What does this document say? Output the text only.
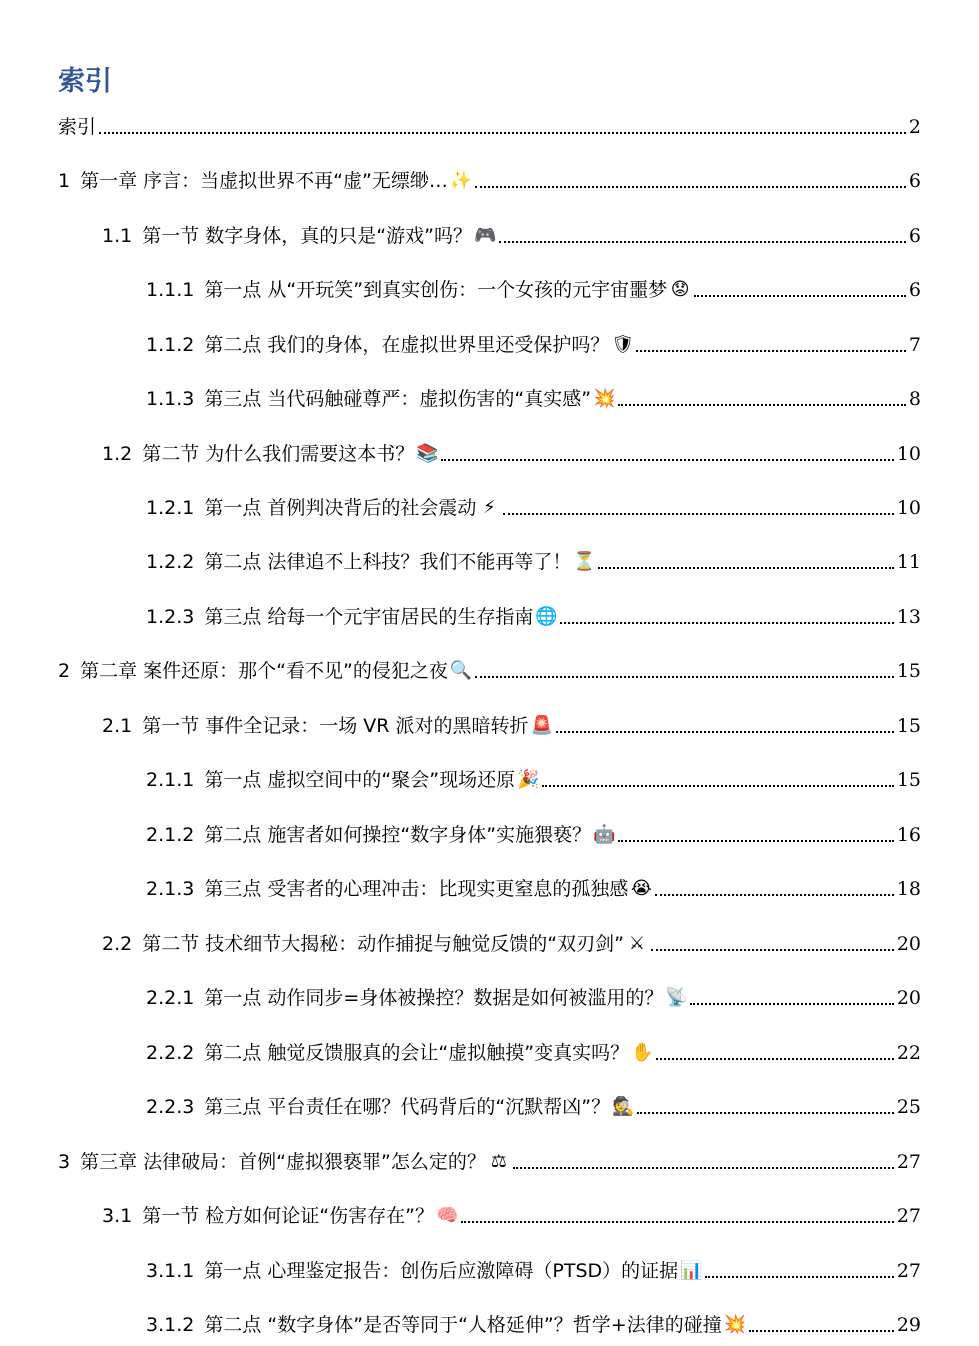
索引
索引	2
1 第一章 序言：当虚拟世界不再“虚”无缥缈… ✨	6
1.1 第一节 数字身体，真的只是“游戏”吗？ 🎮	6
1.1.1 第一点 从“开玩笑”到真实创伤：一个女孩的元宇宙噩梦 😟	6
1.1.2 第二点 我们的身体，在虚拟世界里还受保护吗？ 🛡	7
1.1.3 第三点 当代码触碰尊严：虚拟伤害的“真实感” 💥	8
1.2 第二节 为什么我们需要这本书？ 📚	10
1.2.1 第一点 首例判决背后的社会震动 ⚡	10
1.2.2 第二点 法律追不上科技？我们不能再等了！ ⏳	11
1.2.3 第三点 给每一个元宇宙居民的生存指南 🌐	13
2 第二章 案件还原：那个“看不见”的侵犯之夜 🔍	15
2.1 第一节 事件全记录：一场 VR 派对的黑暗转折 🚨	15
2.1.1 第一点 虚拟空间中的“聚会”现场还原 🎉	15
2.1.2 第二点 施害者如何操控“数字身体”实施猥亵？ 🤖	16
2.1.3 第三点 受害者的心理冲击：比现实更窒息的孤独感 😭	18
2.2 第二节 技术细节大揭秘：动作捕捉与触觉反馈的“双刃剑” ⚔	20
2.2.1 第一点 动作同步=身体被操控？数据是如何被滥用的？ 📡	20
2.2.2 第二点 触觉反馈服真的会让“虚拟触摸”变真实吗？ ✋	22
2.2.3 第三点 平台责任在哪？代码背后的“沉默帮凶”？ 🕵	25
3 第三章 法律破局：首例“虚拟猥亵罪”怎么定的？ ⚖	27
3.1 第一节 检方如何论证“伤害存在”？ 🧠	27
3.1.1 第一点 心理鉴定报告：创伤后应激障碍（PTSD）的证据 📊	27
3.1.2 第二点 “数字身体”是否等同于“人格延伸”？哲学+法律的碰撞 💥	29
